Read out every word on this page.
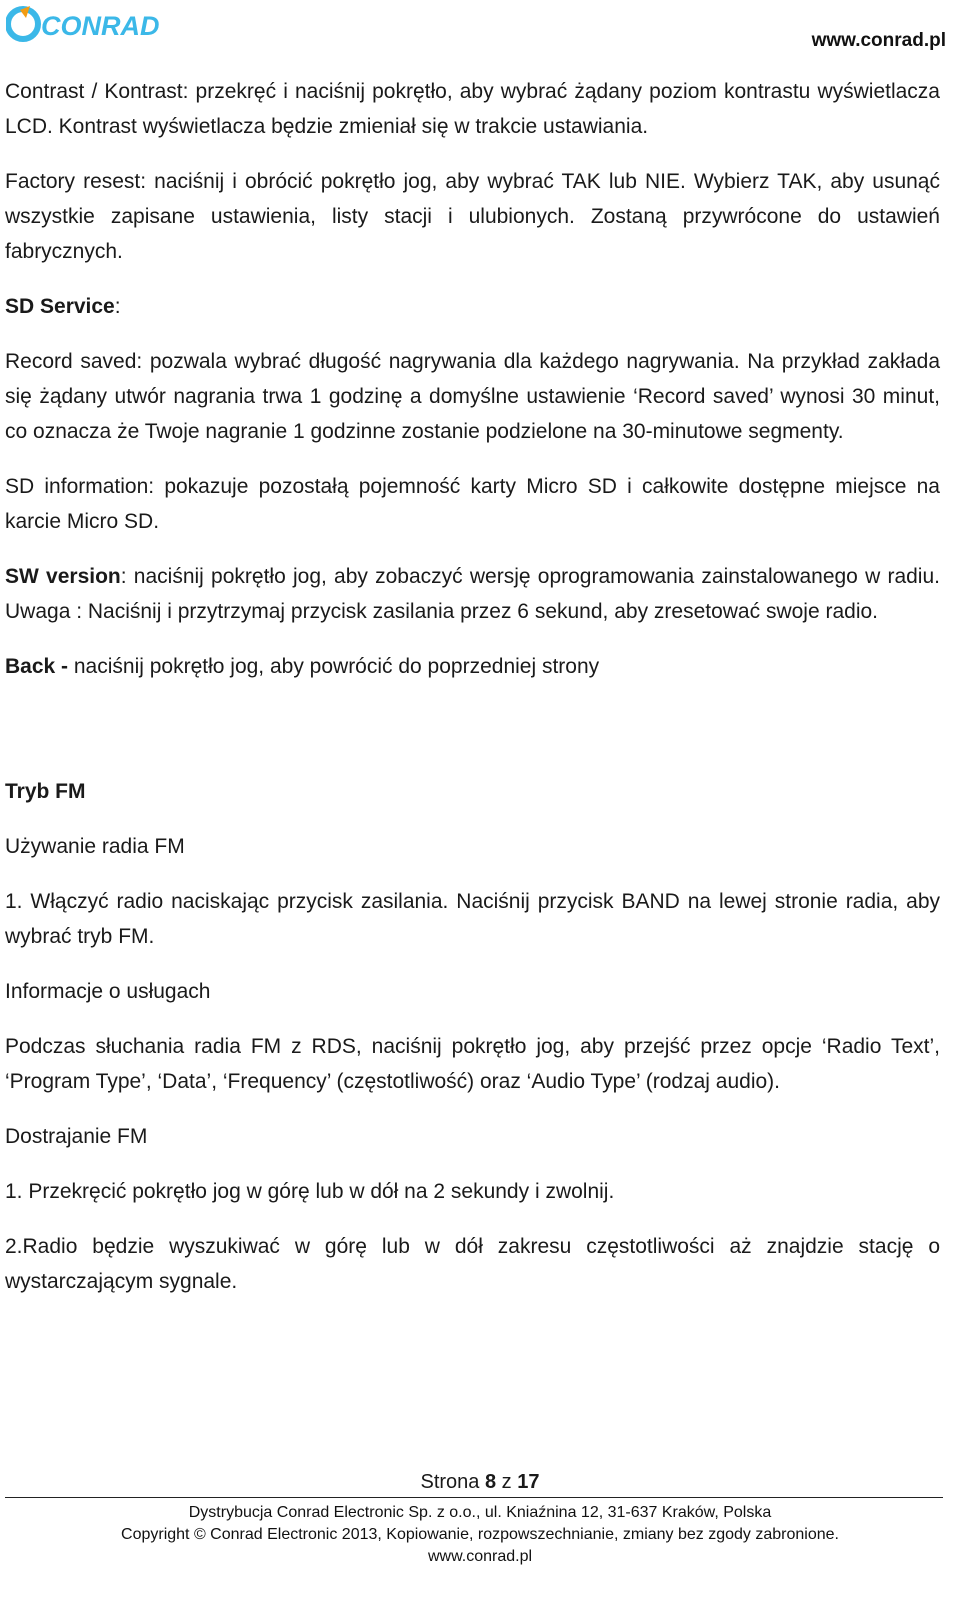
CONRAD	www.conrad.pl

Contrast / Kontrast: przekręć i naciśnij pokrętło, aby wybrać żądany poziom kontrastu wyświetlacza LCD. Kontrast wyświetlacza będzie zmieniał się w trakcie ustawiania.

Factory resest: naciśnij i obrócić pokrętło jog, aby wybrać TAK lub NIE. Wybierz TAK, aby usunąć wszystkie zapisane ustawienia, listy stacji i ulubionych. Zostaną przywrócone do ustawień fabrycznych.

SD Service:

Record saved: pozwala wybrać długość nagrywania dla każdego nagrywania. Na przykład zakłada się żądany utwór nagrania trwa 1 godzinę a domyślne ustawienie ‘Record saved’ wynosi 30 minut, co oznacza że Twoje nagranie 1 godzinne zostanie podzielone na 30-minutowe segmenty.

SD information: pokazuje pozostałą pojemność karty Micro SD i całkowite dostępne miejsce na karcie Micro SD.

SW version: naciśnij pokrętło jog, aby zobaczyć wersję oprogramowania zainstalowanego w radiu. Uwaga : Naciśnij i przytrzymaj przycisk zasilania przez 6 sekund, aby zresetować swoje radio.

Back - naciśnij pokrętło jog, aby powrócić do poprzedniej strony

Tryb FM

Używanie radia FM

1. Włączyć radio naciskając przycisk zasilania. Naciśnij przycisk BAND na lewej stronie radia, aby wybrać tryb FM.

Informacje o usługach

Podczas słuchania radia FM z RDS, naciśnij pokrętło jog, aby przejść przez opcje ‘Radio Text’, ‘Program Type’, ‘Data’, ‘Frequency’ (częstotliwość) oraz ‘Audio Type’ (rodzaj audio).

Dostrajanie FM

1. Przekręcić pokrętło jog w górę lub w dół na 2 sekundy i zwolnij.

2.Radio będzie wyszukiwać w górę lub w dół zakresu częstotliwości aż znajdzie stację o wystarczającym sygnale.

Strona 8 z 17
Dystrybucja Conrad Electronic Sp. z o.o., ul. Kniaźnina 12, 31-637 Kraków, Polska
Copyright © Conrad Electronic 2013, Kopiowanie, rozpowszechnianie, zmiany bez zgody zabronione.
www.conrad.pl
